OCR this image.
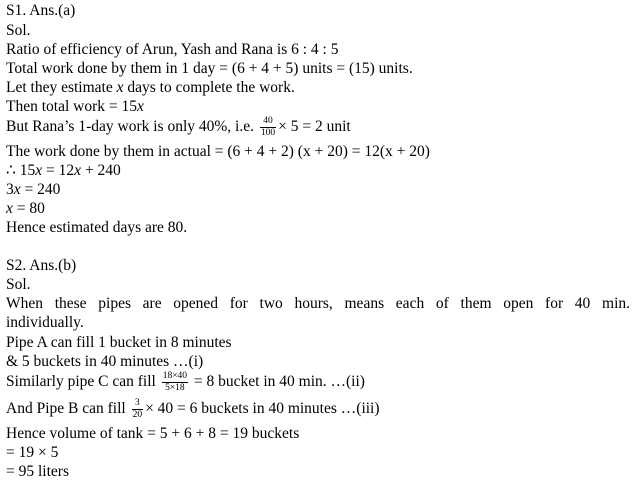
S1. Ans.(a)
Sol.
Ratio of efficiency of Arun, Yash and Rana is 6 : 4 : 5
Total work done by them in 1 day = (6 + 4 + 5) units = (15) units.
Let they estimate x days to complete the work.
Then total work = 15x
But Rana’s 1-day work is only 40%, i.e. $\frac{40}{100} \times 5 = 2$ unit
The work done by them in actual = (6 + 4 + 2) (x + 20) = 12(x + 20)
∴ 15x = 12x + 240
3x = 240
x = 80
Hence estimated days are 80.
S2. Ans.(b)
Sol.
When these pipes are opened for two hours, means each of them open for 40 min.
individually.
Pipe A can fill 1 bucket in 8 minutes
& 5 buckets in 40 minutes …(i)
Similarly pipe C can fill $\frac{18\times 40}{5\times 18} = 8$ bucket in 40 min. …(ii)
And Pipe B can fill $\frac{3}{20} \times 40 = 6$ buckets in 40 minutes …(iii)
Hence volume of tank = 5 + 6 + 8 = 19 buckets
= 19 × 5
= 95 liters
